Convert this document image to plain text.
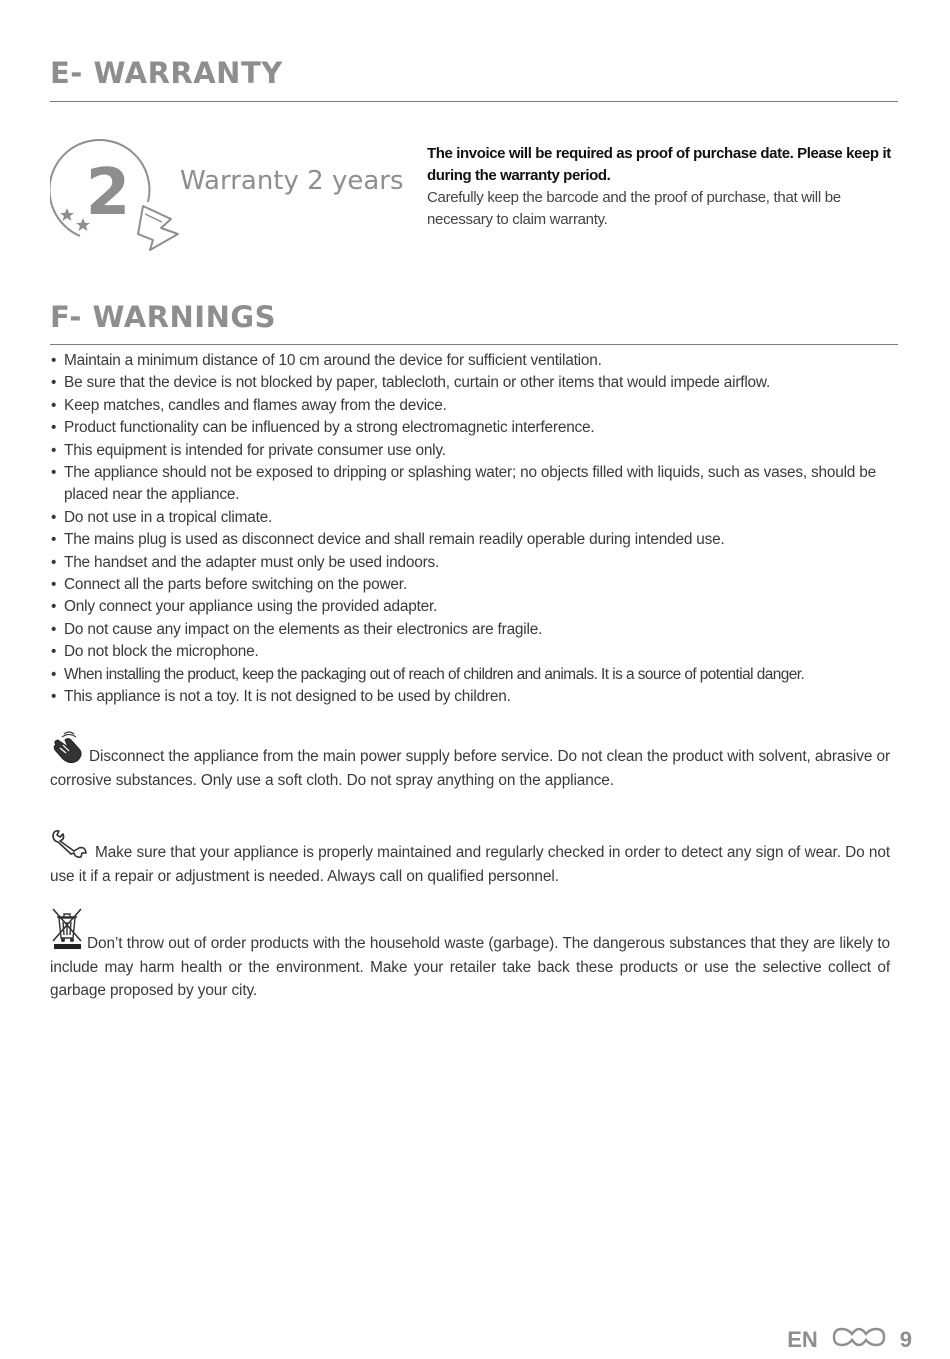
E- WARRANTY
2 Warranty 2 years
The invoice will be required as proof of purchase date. Please keep it during the warranty period.
Carefully keep the barcode and the proof of purchase, that will be necessary to claim warranty.
F- WARNINGS
• Maintain a minimum distance of 10 cm around the device for sufficient ventilation.
• Be sure that the device is not blocked by paper, tablecloth, curtain or other items that would impede airflow.
• Keep matches, candles and flames away from the device.
• Product functionality can be influenced by a strong electromagnetic interference.
• This equipment is intended for private consumer use only.
• The appliance should not be exposed to dripping or splashing water; no objects filled with liquids, such as vases, should be placed near the appliance.
• Do not use in a tropical climate.
• The mains plug is used as disconnect device and shall remain readily operable during intended use.
• The handset and the adapter must only be used indoors.
• Connect all the parts before switching on the power.
• Only connect your appliance using the provided adapter.
• Do not cause any impact on the elements as their electronics are fragile.
• Do not block the microphone.
• When installing the product, keep the packaging out of reach of children and animals. It is a source of potential danger.
• This appliance is not a toy. It is not designed to be used by children.
Disconnect the appliance from the main power supply before service. Do not clean the product with solvent, abrasive or corrosive substances. Only use a soft cloth. Do not spray anything on the appliance.
Make sure that your appliance is properly maintained and regularly checked in order to detect any sign of wear. Do not use it if a repair or adjustment is needed. Always call on qualified personnel.
Don’t throw out of order products with the household waste (garbage). The dangerous substances that they are likely to include may harm health or the environment. Make your retailer take back these products or use the selective collect of garbage proposed by your city.
EN	9
